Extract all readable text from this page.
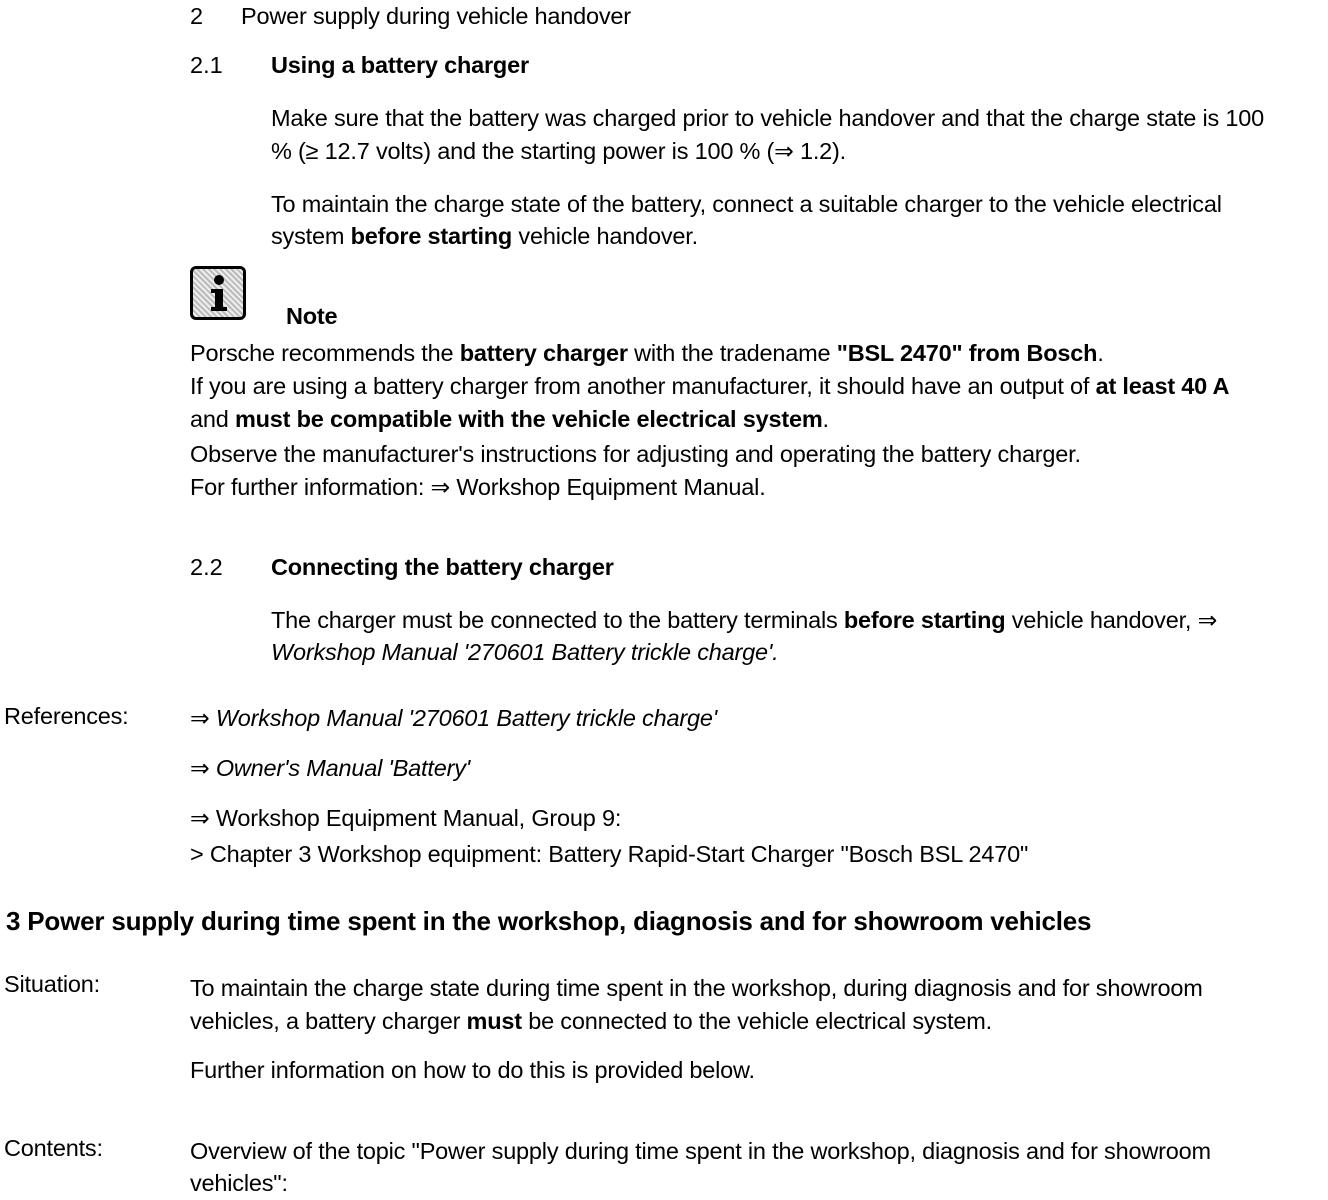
2 Power supply during vehicle handover
2.1 Using a battery charger
Make sure that the battery was charged prior to vehicle handover and that the charge state is 100
% (≥ 12.7 volts) and the starting power is 100 % (⇒ 1.2).
To maintain the charge state of the battery, connect a suitable charger to the vehicle electrical
system before starting vehicle handover.
Note
Porsche recommends the battery charger with the tradename "BSL 2470" from Bosch.
If you are using a battery charger from another manufacturer, it should have an output of at least 40 A
and must be compatible with the vehicle electrical system.
Observe the manufacturer's instructions for adjusting and operating the battery charger.
For further information: ⇒ Workshop Equipment Manual.
2.2 Connecting the battery charger
The charger must be connected to the battery terminals before starting vehicle handover, ⇒
Workshop Manual '270601 Battery trickle charge'.
References:	⇒ Workshop Manual '270601 Battery trickle charge'
⇒ Owner's Manual 'Battery'
⇒ Workshop Equipment Manual, Group 9:
> Chapter 3 Workshop equipment: Battery Rapid-Start Charger "Bosch BSL 2470"
3 Power supply during time spent in the workshop, diagnosis and for showroom vehicles
Situation:	To maintain the charge state during time spent in the workshop, during diagnosis and for showroom
vehicles, a battery charger must be connected to the vehicle electrical system.
Further information on how to do this is provided below.
Contents:	Overview of the topic "Power supply during time spent in the workshop, diagnosis and for showroom
vehicles":
